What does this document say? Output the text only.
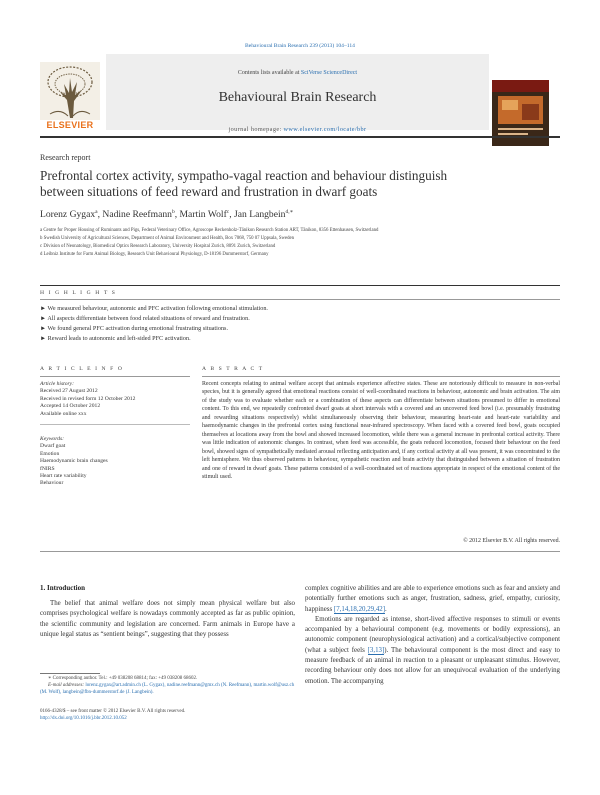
Behavioural Brain Research 239 (2013) 104–114
ELSEVIER
Contents lists available at SciVerse ScienceDirect
Behavioural Brain Research
journal homepage: www.elsevier.com/locate/bbr
Research report
Prefrontal cortex activity, sympatho-vagal reaction and behaviour distinguish
between situations of feed reward and frustration in dwarf goats
Lorenz Gygax$^a$, Nadine Reefmann$^b$, Martin Wolf$^c$, Jan Langbein$^{d,∗}$
a Centre for Proper Housing of Ruminants and Pigs, Federal Veterinary Office, Agroscope Reckenholz-Tänikon Research Station ART, Tänikon, 8356 Ettenhausen, Switzerland
b Swedish University of Agricultural Sciences, Department of Animal Environment and Health, Box 7068, 750 07 Uppsala, Sweden
c Division of Neonatology, Biomedical Optics Research Laboratory, University Hospital Zurich, 8091 Zurich, Switzerland
d Leibniz Institute for Farm Animal Biology, Research Unit Behavioural Physiology, D-18196 Dummerstorf, Germany
H I G H L I G H T S
► We measured behaviour, autonomic and PFC activation following emotional stimulation.
► All aspects differentiate between food related situations of reward and frustration.
► We found general PFC activation during emotional frustrating situations.
► Reward leads to autonomic and left-sided PFC activation.
A R T I C L E I N F O	A B S T R A C T
Article history:
Received 27 August 2012
Received in revised form 12 October 2012
Accepted 14 October 2012
Available online xxx
Keywords:
Dwarf goat
Emotion
Haemodynamic brain changes
fNIRS
Heart rate variability
Behaviour
Recent concepts relating to animal welfare accept that animals experience affective states. These are notoriously difficult to measure in non-verbal species, but it is generally agreed that emotional reactions consist of well-coordinated reactions in behaviour, autonomic and brain activation. The aim of the study was to evaluate whether each or a combination of these aspects can differentiate between situations presumed to differ in emotional content. To this end, we repeatedly confronted dwarf goats at short intervals with a covered and an uncovered feed bowl (i.e. presumably frustrating and rewarding situations respectively) whilst simultaneously observing their behaviour, measuring heart-rate and heart-rate variability and haemodynamic changes in the prefrontal cortex using functional near-infrared spectroscopy. When faced with a covered feed bowl, goats occupied themselves at locations away from the bowl and showed increased locomotion, while there was a general increase in prefrontal cortical activity. There was little indication of autonomic changes. In contrast, when feed was accessible, the goats reduced locomotion, focused their behaviour on the feed bowl, showed signs of sympathetically mediated arousal reflecting anticipation and, if any cortical activity at all was present, it was concentrated to the left hemisphere. We thus observed patterns in behaviour, sympathetic reaction and brain activity that distinguished between a situation of frustration and one of reward in dwarf goats. These patterns consisted of a well-coordinated set of reactions appropriate in respect of the emotional content of the stimuli used.
© 2012 Elsevier B.V. All rights reserved.
1. Introduction
The belief that animal welfare does not simply mean physical welfare but also comprises psychological welfare is nowadays commonly accepted as far as public opinion, the scientific community and legislation are concerned. Farm animals in Europe have a unique legal status as “sentient beings”, suggesting that they possess
complex cognitive abilities and are able to experience emotions such as fear and anxiety and potentially further emotions such as anger, frustration, sadness, grief, empathy, curiosity, happiness [7,14,18,20,29,42].
Emotions are regarded as intense, short-lived affective responses to stimuli or events accompanied by a behavioural component (e.g. movements or bodily expressions), an autonomic component (neurophysiological activation) and a cortical/subjective component (what a subject feels [3,13]). The behavioural component is the most direct and easy to measure feedback of an animal in reaction to a pleasant or unpleasant stimulus. However, recording behaviour only does not allow for an unequivocal evaluation of the underlying emotion. The accompanying
∗ Corresponding author. Tel.: +49 038208 68814; fax: +49 038208 68602.
E-mail addresses: lorenz.gygax@art.admin.ch (L. Gygax), nadine.reefmann@gmx.ch (N. Reefmann), martin.wolf@usz.ch (M. Wolf), langbein@fbn-dummerstorf.de (J. Langbein).
0166-4328/$ – see front matter © 2012 Elsevier B.V. All rights reserved.
http://dx.doi.org/10.1016/j.bbr.2012.10.052
